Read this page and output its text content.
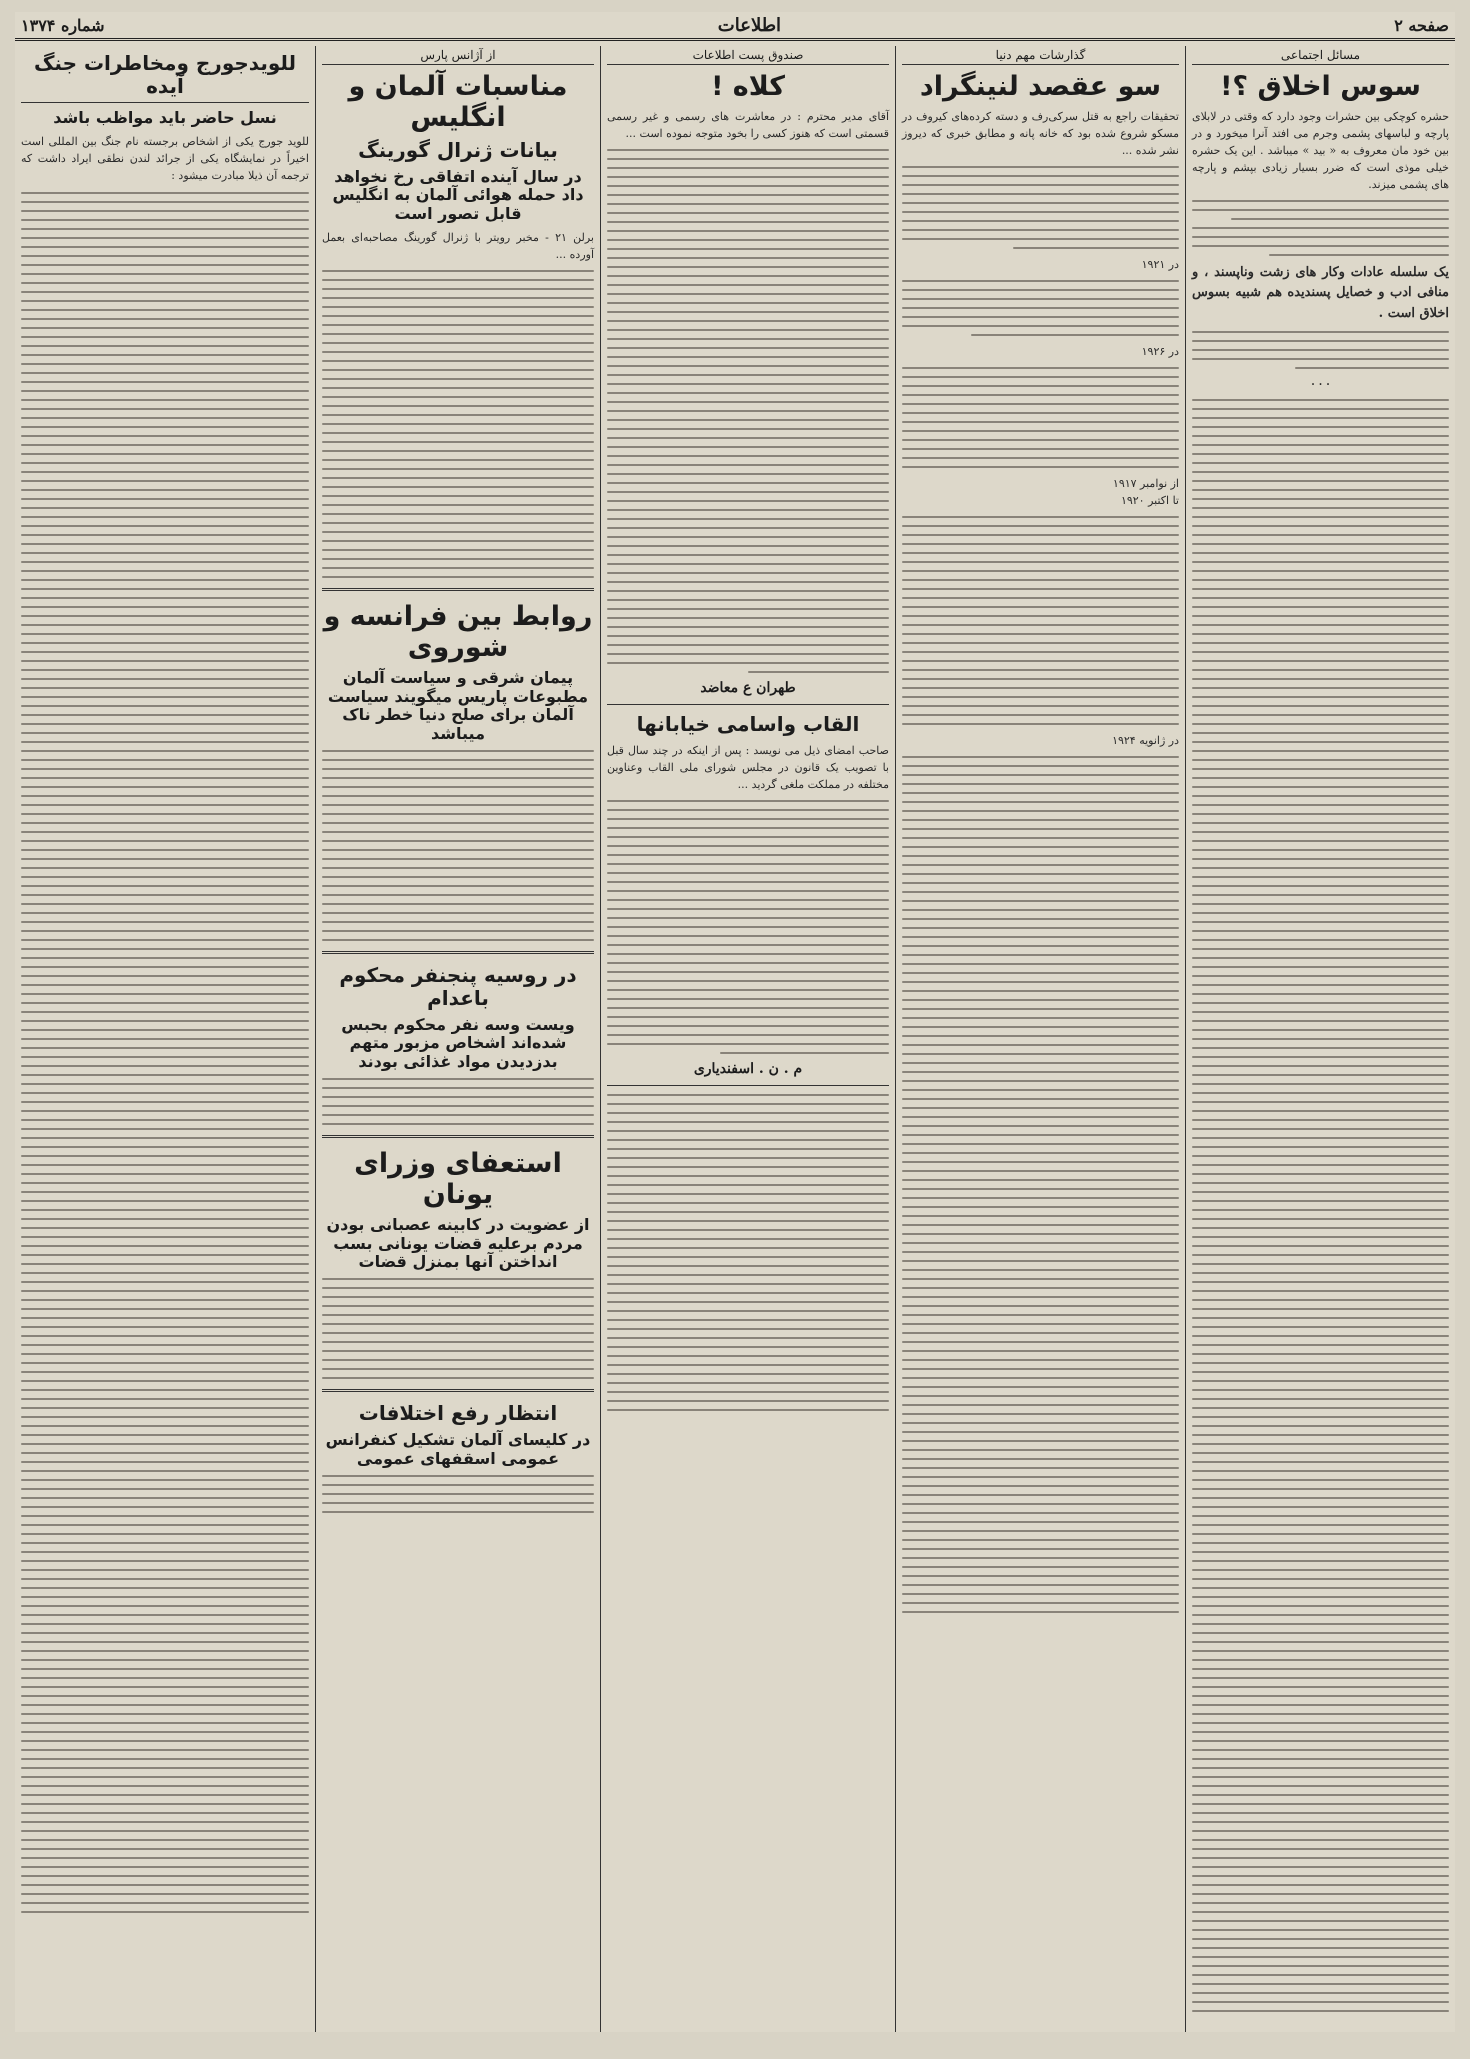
صفحه ۲
اطلاعات
شماره ۱۳۷۴
مسائل اجتماعی
سوس اخلاق ؟!

حشره کوچکی بین حشرات وجود دارد که وقتی در لابلای پارچه و لباسهای پشمی وجرم می افتد آنرا میخورد و در بین خود مان معروف به « بید » میباشد . این یک حشره خیلی موذی است که ضرر بسیار زیادی بپشم و پارچه های پشمی میزند.

یک سلسله عادات وکار های زشت وناپسند ، و منافی ادب و خصایل پسندیده هم شبیه بسوس اخلاق است .

۰۰۰
گذارشات مهم دنیا
سو عقصد لنینگراد

تحقیقات راجع به قتل سرکی‌رف و دسته کرده‌های کیروف در مسکو شروع شده بود که خانه پانه و مطابق خبری که دیروز نشر شده ...

در ۱۹۲۱

در ۱۹۲۶

از نوامبر ۱۹۱۷

تا اکتبر ۱۹۲۰

در ژانویه ۱۹۲۴

صندوق پست اطلاعات
کلاه !

آقای مدیر محترم : در معاشرت های رسمی و غیر رسمی قسمتی است که هنوز کسی را بخود متوجه نموده است ...

طهران ع معاضد
القاب واسامی خیابانها

صاحب امضای ذیل می نویسد : پس از اینکه در چند سال قبل با تصویب یک قانون در مجلس شورای ملی القاب وعناوین مختلفه در مملکت ملغی گردید ...

م . ن . اسفندیاری
از آژانس پارس
مناسبات آلمان و انگلیس
بیانات ژنرال گورینگ
در سال آینده اتفاقی رخ نخواهد داد حمله هوائی آلمان به انگلیس قابل تصور است

برلن ۲۱ - مخبر رویتر با ژنرال گورینگ مصاحبه‌ای بعمل آورده ...

روابط بین فرانسه و شوروی
پیمان شرقی و سیاست آلمان مطبوعات پاریس میگویند سیاست آلمان برای صلح دنیا خطر ناک میباشد
در روسیه پنجنفر محکوم باعدام
ویست وسه نفر محکوم بحبس شده‌اند اشخاص مزبور متهم بدزدیدن مواد غذائی بودند
استعفای وزرای یونان
از عضویت در کابینه عصبانی بودن مردم برعلیه قضات یونانی بسب انداختن آنها بمنزل قضات
انتظار رفع اختلافات
در کلیسای آلمان تشکیل کنفرانس عمومی اسقفهای عمومی
للویدجورج ومخاطرات جنگ آیده
نسل حاضر باید مواظب باشد

للوید جورج یکی از اشخاص برجسته نام جنگ بین المللی است اخیراً در نمایشگاه یکی از جرائد لندن نطقی ایراد داشت که ترجمه آن ذیلا مبادرت میشود :
